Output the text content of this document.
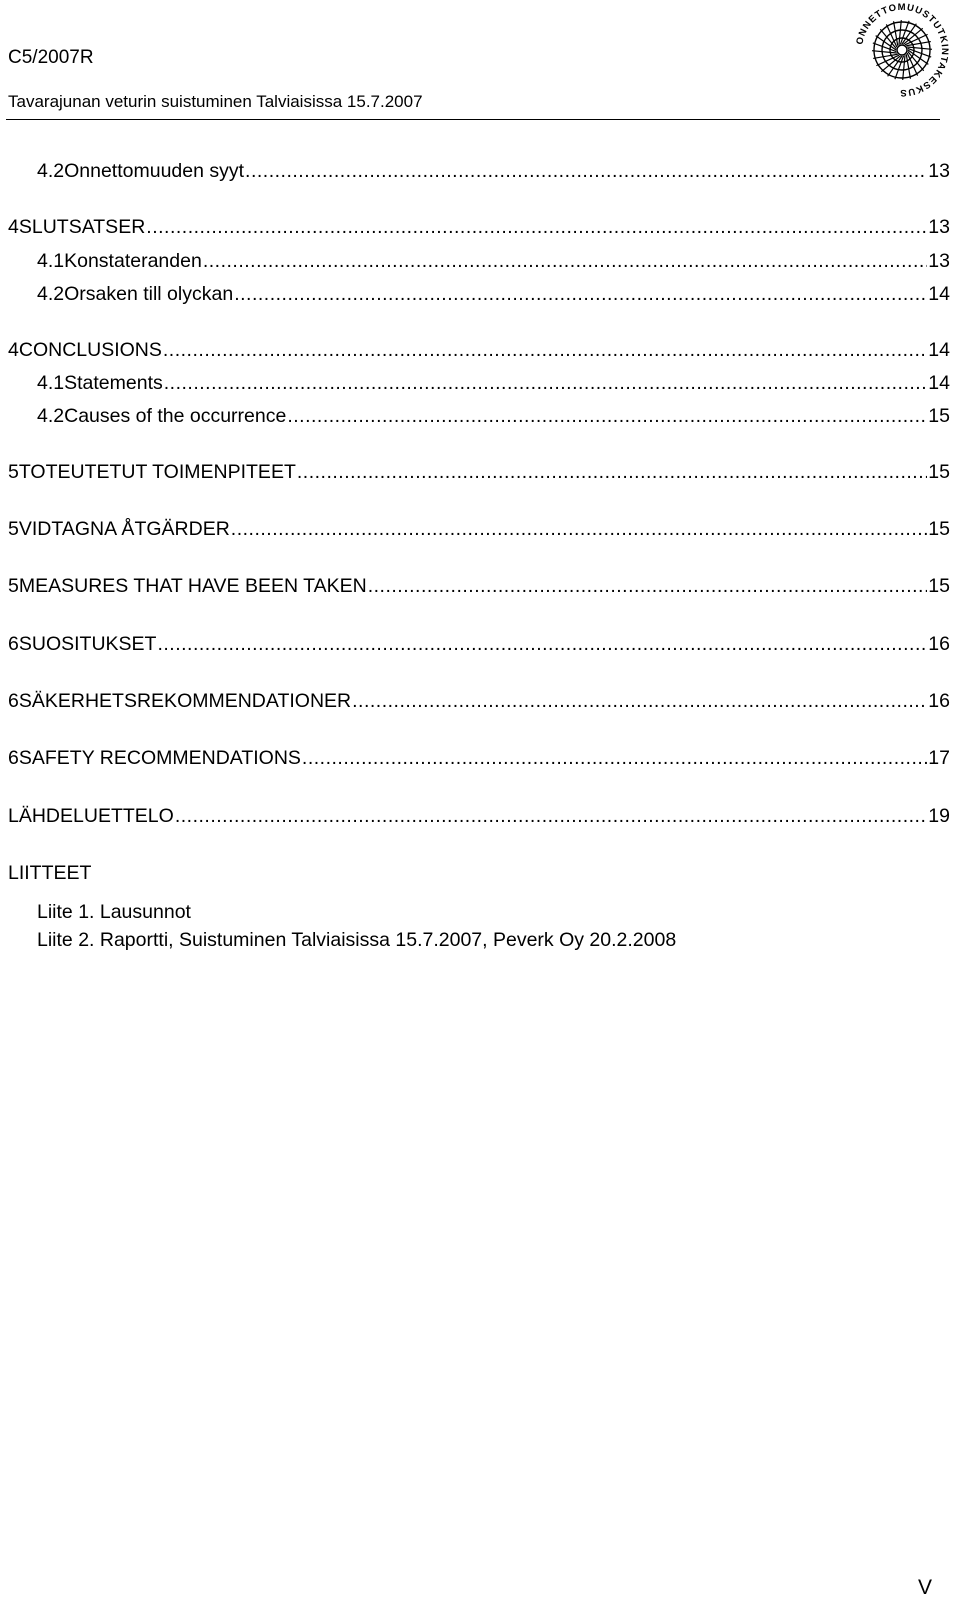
C5/2007R
Tavarajunan veturin suistuminen Talviaisissa 15.7.2007
ONNETTOMUUSTUTKINTAKESKUS
4.2 Onnettomuuden syyt .....	13
4 SLUTSATSER .....	13
4.1 Konstateranden .....	13
4.2 Orsaken till olyckan .....	14
4 CONCLUSIONS .....	14
4.1 Statements .....	14
4.2 Causes of the occurrence .....	15
5 TOTEUTETUT TOIMENPITEET .....	15
5 VIDTAGNA ÅTGÄRDER .....	15
5 MEASURES THAT HAVE BEEN TAKEN .....	15
6 SUOSITUKSET .....	16
6 SÄKERHETSREKOMMENDATIONER .....	16
6 SAFETY RECOMMENDATIONS .....	17
LÄHDELUETTELO .....	19
LIITTEET
Liite 1. Lausunnot
Liite 2. Raportti, Suistuminen Talviaisissa 15.7.2007, Peverk Oy 20.2.2008
V
